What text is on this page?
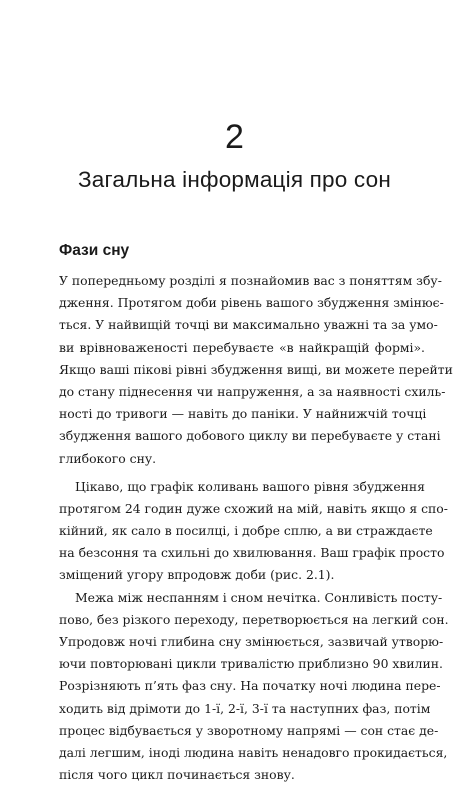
2
Загальна інформація про сон
Фази сну
У попередньому розділі я познайомив вас з поняттям збу-
дження. Протягом доби рівень вашого збудження змінює-
ться. У найвищій точці ви максимально уважні та за умо-
ви врівноваженості перебуваєте «в найкращій формі».
Якщо ваші пікові рівні збудження вищі, ви можете перейти
до стану піднесення чи напруження, а за наявності схиль-
ності до тривоги — навіть до паніки. У найнижчій точці
збудження вашого добового циклу ви перебуваєте у стані
глибокого сну.
Цікаво, що графік коливань вашого рівня збудження
протягом 24 годин дуже схожий на мій, навіть якщо я спо-
кійний, як сало в посилці, і добре сплю, а ви страждаєте
на безсоння та схильні до хвилювання. Ваш графік просто
зміщений угору впродовж доби (рис. 2.1).
Межа між неспанням і сном нечітка. Сонливість посту-
пово, без різкого переходу, перетворюється на легкий сон.
Упродовж ночі глибина сну змінюється, зазвичай утворю-
ючи повторювані цикли тривалістю приблизно 90 хвилин.
Розрізняють п’ять фаз сну. На початку ночі людина пере-
ходить від дрімоти до 1-ї, 2-ї, 3-ї та наступних фаз, потім
процес відбувається у зворотному напрямі — сон стає де-
далі легшим, іноді людина навіть ненадовго прокидається,
після чого цикл починається знову.
